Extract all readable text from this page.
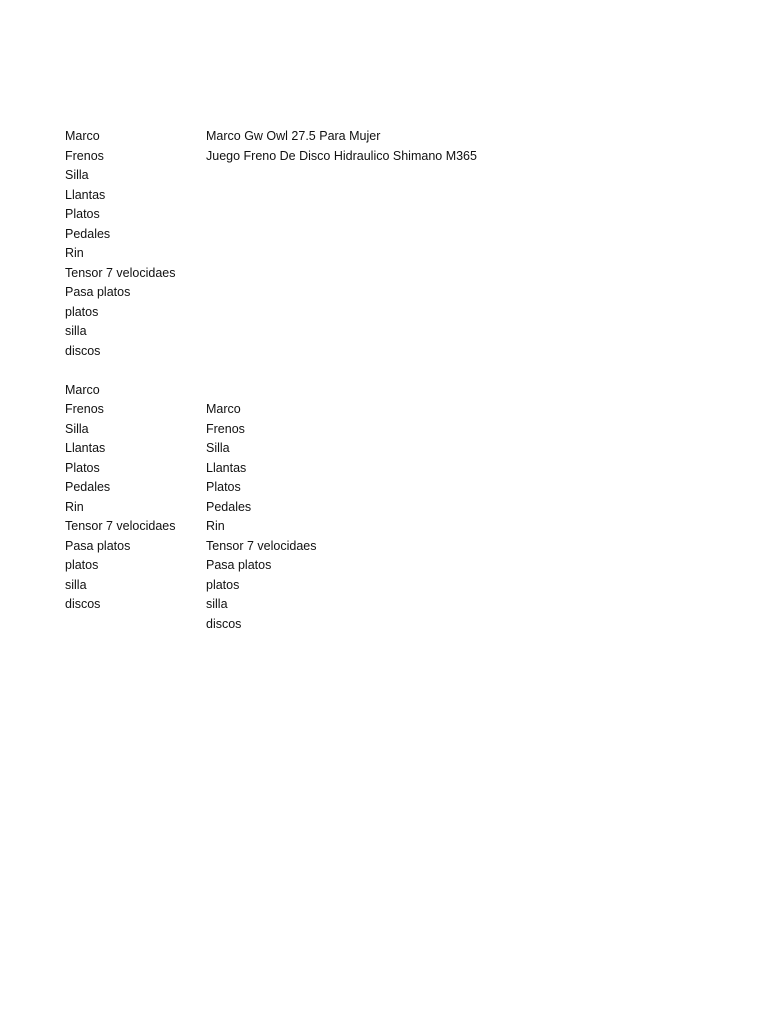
Marco	Marco Gw Owl 27.5 Para Mujer
Frenos	Juego Freno De Disco Hidraulico Shimano M365
Silla
Llantas
Platos
Pedales
Rin
Tensor 7 velocidaes
Pasa platos
platos
silla
discos
Marco
Frenos	Marco
Silla	Frenos
Llantas	Silla
Platos	Llantas
Pedales	Platos
Rin	Pedales
Tensor 7 velocidaes	Rin
Pasa platos	Tensor 7 velocidaes
platos	Pasa platos
silla	platos
discos	silla
discos
